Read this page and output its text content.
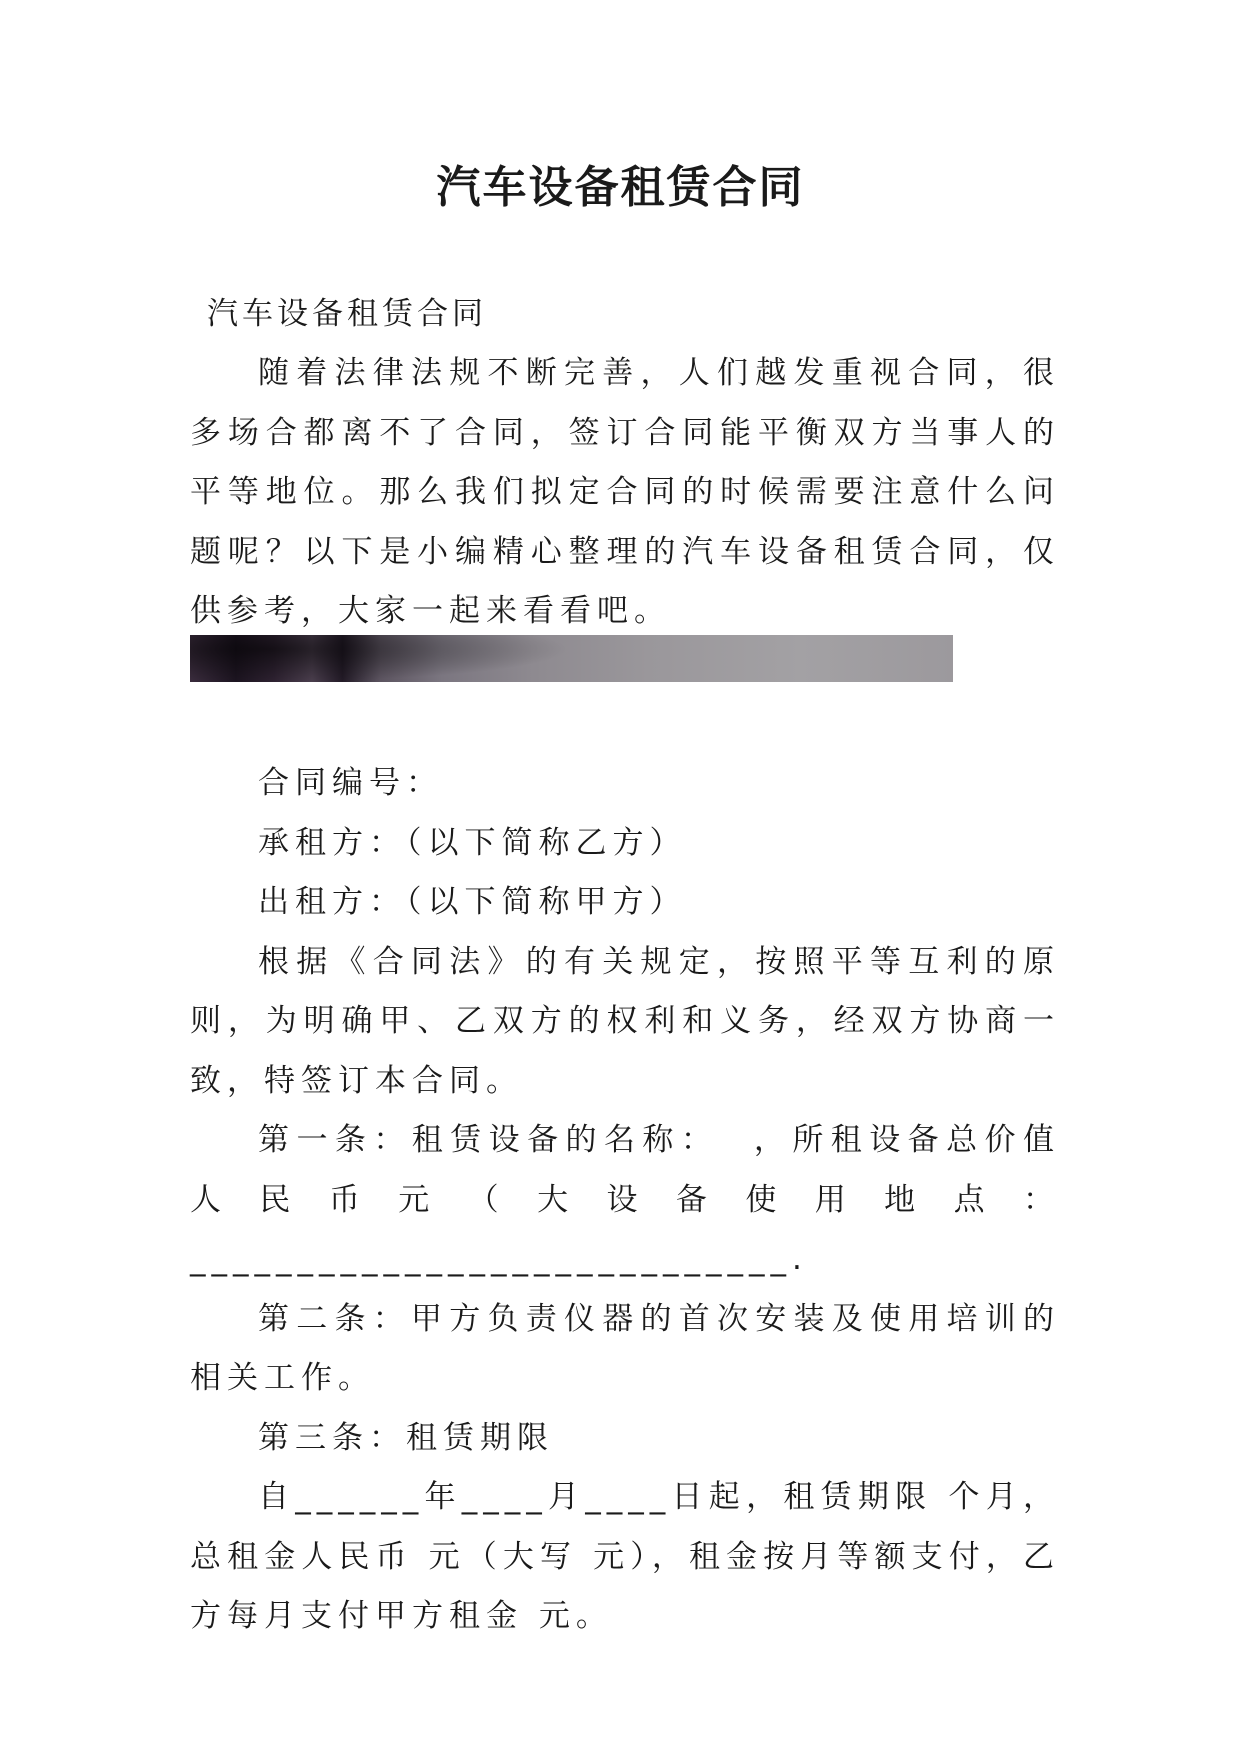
汽车设备租赁合同
汽车设备租赁合同

随着法律法规不断完善，人们越发重视合同，很多场合都离不了合同，签订合同能平衡双方当事人的平等地位。那么我们拟定合同的时候需要注意什么问题呢？以下是小编精心整理的汽车设备租赁合同，仅供参考，大家一起来看看吧。

合同编号：

承租方：（以下简称乙方）

出租方：（以下简称甲方）

根据《合同法》的有关规定，按照平等互利的原则，为明确甲、乙双方的权利和义务，经双方协商一致，特签订本合同。

第一条：租赁设备的名称：  ，所租设备总价值人民币元（大设备使用地点：____________________________.

第二条：甲方负责仪器的首次安装及使用培训的相关工作。

第三条：租赁期限

自______年____月____日起，租赁期限 个月，总租金人民币 元（大写 元），租金按月等额支付，乙方每月支付甲方租金 元。
